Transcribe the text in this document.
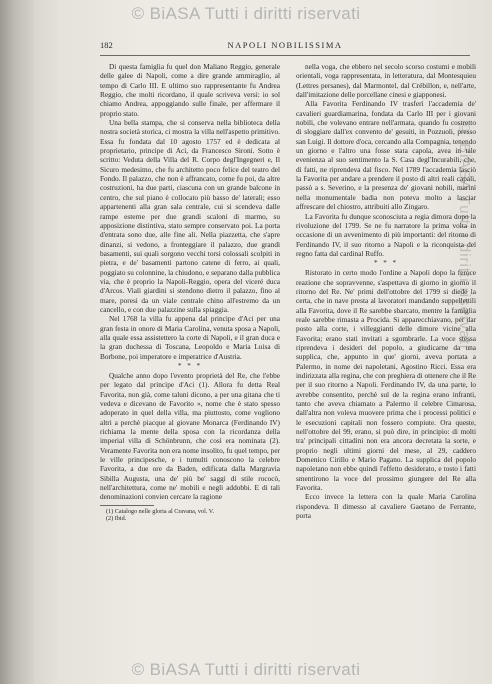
© BiASA Tutti i diritti riservati
© BiASA Tutti i diritti riservati
182	NAPOLI NOBILISSIMA

Di questa famiglia fu quel don Maliano Reggio, generale delle galee di Napoli, come a dire grande ammiraglio, al tempo di Carlo III. E ultimo suo rappresentante fu Andrea Reggio, che molti ricordano, il quale scriveva versi: io sol chiamo Andrea, appoggiando sulle finale, per affermare il proprio stato.

Una bella stampa, che si conserva nella biblioteca della nostra società storica, ci mostra la villa nell'aspetto primitivo. Essa fu fondata dal 10 agosto 1757 ed è dedicata al proprietario, principe di Aci, da Francesco Sironi. Sotto è scritto: Veduta della Villa del R. Corpo degl'Ingegneri e, Il Sicuro medesimo, che fu architetto poco felice del teatro del Fondo. Il palazzo, che non è affrancato, come fu poi, da altre costruzioni, ha due parti, ciascuna con un grande balcone in centro, che sul piano è collocato più basso de' laterali; esso appartenenti alla gran sala centrale, cui si scendeva dalle rampe esterne per due grandi scaloni di marmo, su apposizione distintiva, stato sempre conservato poi. La porta d'entrata sono due, alle fine ali. Nella piazzetta, che s'apre dinanzi, si vedono, a fronteggiare il palazzo, due grandi basamenti, sui quali sorgono vecchi torsi colossali scolpiti in pietra, e de' basamenti partono catene di ferro, ai quali, poggiato su colonnine, la chiudono, e separano dalla pubblica via, che è proprio la Napoli-Reggio, opera del viceré duca d'Arcos. Viali giardini si stendono dietro il palazzo, fino al mare, poresi da un viale centrale chino all'estremo da un cancello, e con due palazzine sulla spiaggia.

Nel 1768 la villa fu appena dal principe d'Aci per una gran festa in onore di Maria Carolina, venuta sposa a Napoli, alla quale essa assistettero la corte di Napoli, e il gran duca e la gran duchessa di Toscana, Leopoldo e Maria Luisa di Borbone, poi imperatore e imperatrice d'Austria.

* * *

Qualche anno dopo l'evento proprietà del Re, che l'ebbe per legato dal principe d'Aci (1). Allora fu detta Real Favorita, non già, come taluni dicono, a per una gitana che ti vedeva e dicevano de Favorito », nome che è stato spesso adoperato in quel della villa, ma piuttosto, come vogliono altri a perchè piacque al giovane Monarca (Ferdinando IV) richiama la mente della sposa con la ricordanza della imperial villa di Schönbrunn, che così era nominata (2). Veramente Favorita non era nome insolito, fu quel tempo, per le ville principesche, e i tumulti conoscono la celebre Favorita, a due ore da Baden, edificata dalla Margravia Sibilla Augusta, una de' più be' saggi di stile rococò, nell'architettura, come ne' mobili e negli addobbi. E di tali denominazioni convien cercare la ragione

(1) Catalogo nelle gloria al Cravana, vol. V.

(2) Ibid.

nella voga, che ebbero nel secolo scorso costumi e mobili orientali, voga rappresentata, in letteratura, dal Montesquieu (Lettres persanes), dal Marmontel, dal Crébillon, e, nell'arte, dall'imitazione delle porcellane cinesi e giapponesi.

Alla Favorita Ferdinando IV trasferì l'accademia de' cavalieri guardiamarina, fondata da Carlo III per i giovani nobili, che volevano entrare nell'armata, quando fu costretto di sloggiare dall'ex convento de' gesuiti, in Pozzuoli, presso san Luigi. Il dottore d'oca, cercando alla Compagnia, tenendo un giorno e l'altro una fosse stata capola, avea in tale evenienza al suo sentimento la S. Casa degl'Incurabili, che, di fatti, ne riprendeva dal fisco. Nel 1789 l'accademia lasciò la Favorita per andare a prendere il posto di altri reali capali, passò a s. Severino, e la presenza de' giovani nobili, marinì nella monumentale badia non poteva molto a lasciar affrescare del chiostro, attribuiti allo Zingaro.

La Favorita fu dunque sconosciuta a regia dimora dopo la rivoluzione del 1799. Se ne fu narratore la prima volta in occasione di un avvenimento di più importanti: del ritorno di Ferdinando IV, il suo ritorno a Napoli e la riconquista del regno fatta dal cardinal Ruffo.

* * *

Ristorato in certo modo l'ordine a Napoli dopo la feroce reazione che sopravvenne, s'aspettava di giorno in giorno il ritorno del Re. Ne' primi dell'ottobre del 1799 si diede la certa, che in nave presta al lavoratori mandando suppellettili alla Favorita, dove il Re sarebbe sbarcato, mentre la famiglia reale sarebbe rimasta a Procida. Si apparecchiavano, per dar posto alla corte, i villeggianti delle dimore vicine alla Favorita; erano stati invitati a sgombrarle. La voce stessa riprendeva i desideri del popolo, a giudicarne da una supplica, che, appunto in que' giorni, aveva portata a Palermo, in nome dei napoletani, Agostino Ricci. Essa era indirizzata alla regina, che con preghiera di ottenere che il Re per il suo ritorno a Napoli. Ferdinando IV, da una parte, lo avrebbe consentito, perchè sul de la regina erano infranti, tanto che aveva chiamato a Palermo il celebre Cimarosa, dall'altra non voleva muovere prima che i processi politici e le esecuzioni capitali non fossero compiute. Ora queste, nell'ottobre del 99, erano, si può dire, in principio: di molti tra' principali cittadini non era ancora decretata la sorte, e proprio negli ultimi giorni del mese, al 29, caddero Domenico Cirillo e Mario Pagano. La supplica del popolo napoletano non ebbe quindi l'effetto desiderato, e tosto i fatti smentirono la voce del prossimo giungere del Re alla Favorita.

Ecco invece la lettera con la quale Maria Carolina rispondeva. Il dimesso al cavaliere Gaetano de Ferrante, porta

© BiASA Tutti i diritti riservati
